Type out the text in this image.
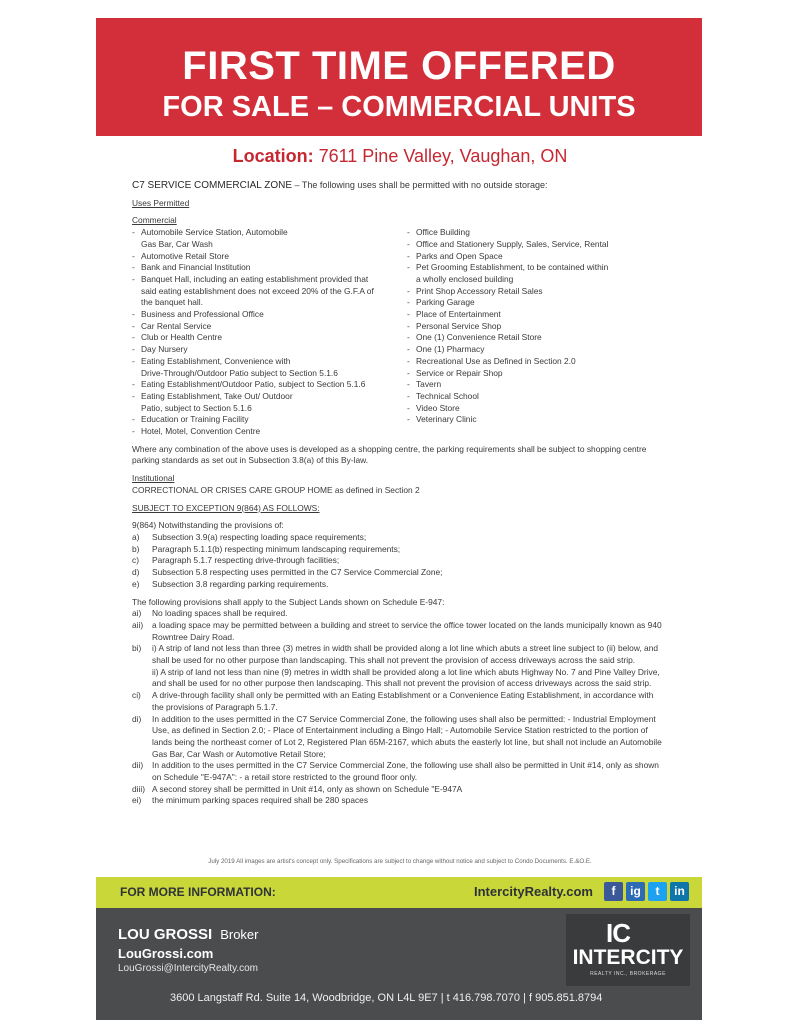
FIRST TIME OFFERED
FOR SALE – COMMERCIAL UNITS
Location: 7611 Pine Valley, Vaughan, ON
C7 SERVICE COMMERCIAL ZONE – The following uses shall be permitted with no outside storage:
Uses Permitted
Commercial
- Automobile Service Station, Automobile
Gas Bar, Car Wash
- Automotive Retail Store
- Bank and Financial Institution
- Banquet Hall, including an eating establishment provided that
said eating establishment does not exceed 20% of the G.F.A of
the banquet hall.
- Business and Professional Office
- Car Rental Service
- Club or Health Centre
- Day Nursery
- Eating Establishment, Convenience with
Drive-Through/Outdoor Patio subject to Section 5.1.6
- Eating Establishment/Outdoor Patio, subject to Section 5.1.6
- Eating Establishment, Take Out/ Outdoor
Patio, subject to Section 5.1.6
- Education or Training Facility
- Hotel, Motel, Convention Centre
- Office Building
- Office and Stationery Supply, Sales, Service, Rental
- Parks and Open Space
- Pet Grooming Establishment, to be contained within
a wholly enclosed building
- Print Shop Accessory Retail Sales
- Parking Garage
- Place of Entertainment
- Personal Service Shop
- One (1) Convenience Retail Store
- One (1) Pharmacy
- Recreational Use as Defined in Section 2.0
- Service or Repair Shop
- Tavern
- Technical School
- Video Store
- Veterinary Clinic
Where any combination of the above uses is developed as a shopping centre, the parking requirements shall be subject to shopping centre parking standards as set out in Subsection 3.8(a) of this By-law.
Institutional
CORRECTIONAL OR CRISES CARE GROUP HOME as defined in Section 2
SUBJECT TO EXCEPTION 9(864) AS FOLLOWS:
9(864) Notwithstanding the provisions of:
a)	Subsection 3.9(a) respecting loading space requirements;
b)	Paragraph 5.1.1(b) respecting minimum landscaping requirements;
c)	Paragraph 5.1.7 respecting drive-through facilities;
d)	Subsection 5.8 respecting uses permitted in the C7 Service Commercial Zone;
e)	Subsection 3.8 regarding parking requirements.
The following provisions shall apply to the Subject Lands shown on Schedule E-947:
ai)	No loading spaces shall be required.
aii)	a loading space may be permitted between a building and street to service the office tower located on the lands municipally known as 940 Rowntree Dairy Road.
bi)	i) A strip of land not less than three (3) metres in width shall be provided along a lot line which abuts a street line subject to (ii) below, and shall be used for no other purpose than landscaping. This shall not prevent the provision of access driveways across the said strip.
ii) A strip of land not less than nine (9) metres in width shall be provided along a lot line which abuts Highway No. 7 and Pine Valley Drive, and shall be used for no other purpose then landscaping. This shall not prevent the provision of access driveways across the said strip.
ci)	A drive-through facility shall only be permitted with an Eating Establishment or a Convenience Eating Establishment, in accordance with the provisions of Paragraph 5.1.7.
di)	In addition to the uses permitted in the C7 Service Commercial Zone, the following uses shall also be permitted: - Industrial Employment Use, as defined in Section 2.0; - Place of Entertainment including a Bingo Hall; - Automobile Service Station restricted to the portion of lands being the northeast corner of Lot 2, Registered Plan 65M-2167, which abuts the easterly lot line, but shall not include an Automobile Gas Bar, Car Wash or Automotive Retail Store;
dii)	In addition to the uses permitted in the C7 Service Commercial Zone, the following use shall also be permitted in Unit #14, only as shown on Schedule "E-947A": - a retail store restricted to the ground floor only.
diii) A second storey shall be permitted in Unit #14, only as shown on Schedule "E-947A
ei)	the minimum parking spaces required shall be 280 spaces
July 2019 All images are artist's concept only. Specifications are subject to change without notice and subject to Condo Documents. E.&O.E.
FOR MORE INFORMATION:	IntercityRealty.com	f	ig	t	in
LOU GROSSI Broker
LouGrossi.com
LouGrossi@IntercityRealty.com
3600 Langstaff Rd. Suite 14, Woodbridge, ON L4L 9E7 | t 416.798.7070 | f 905.851.8794
IC
INTERCITY
REALTY INC., BROKERAGE
